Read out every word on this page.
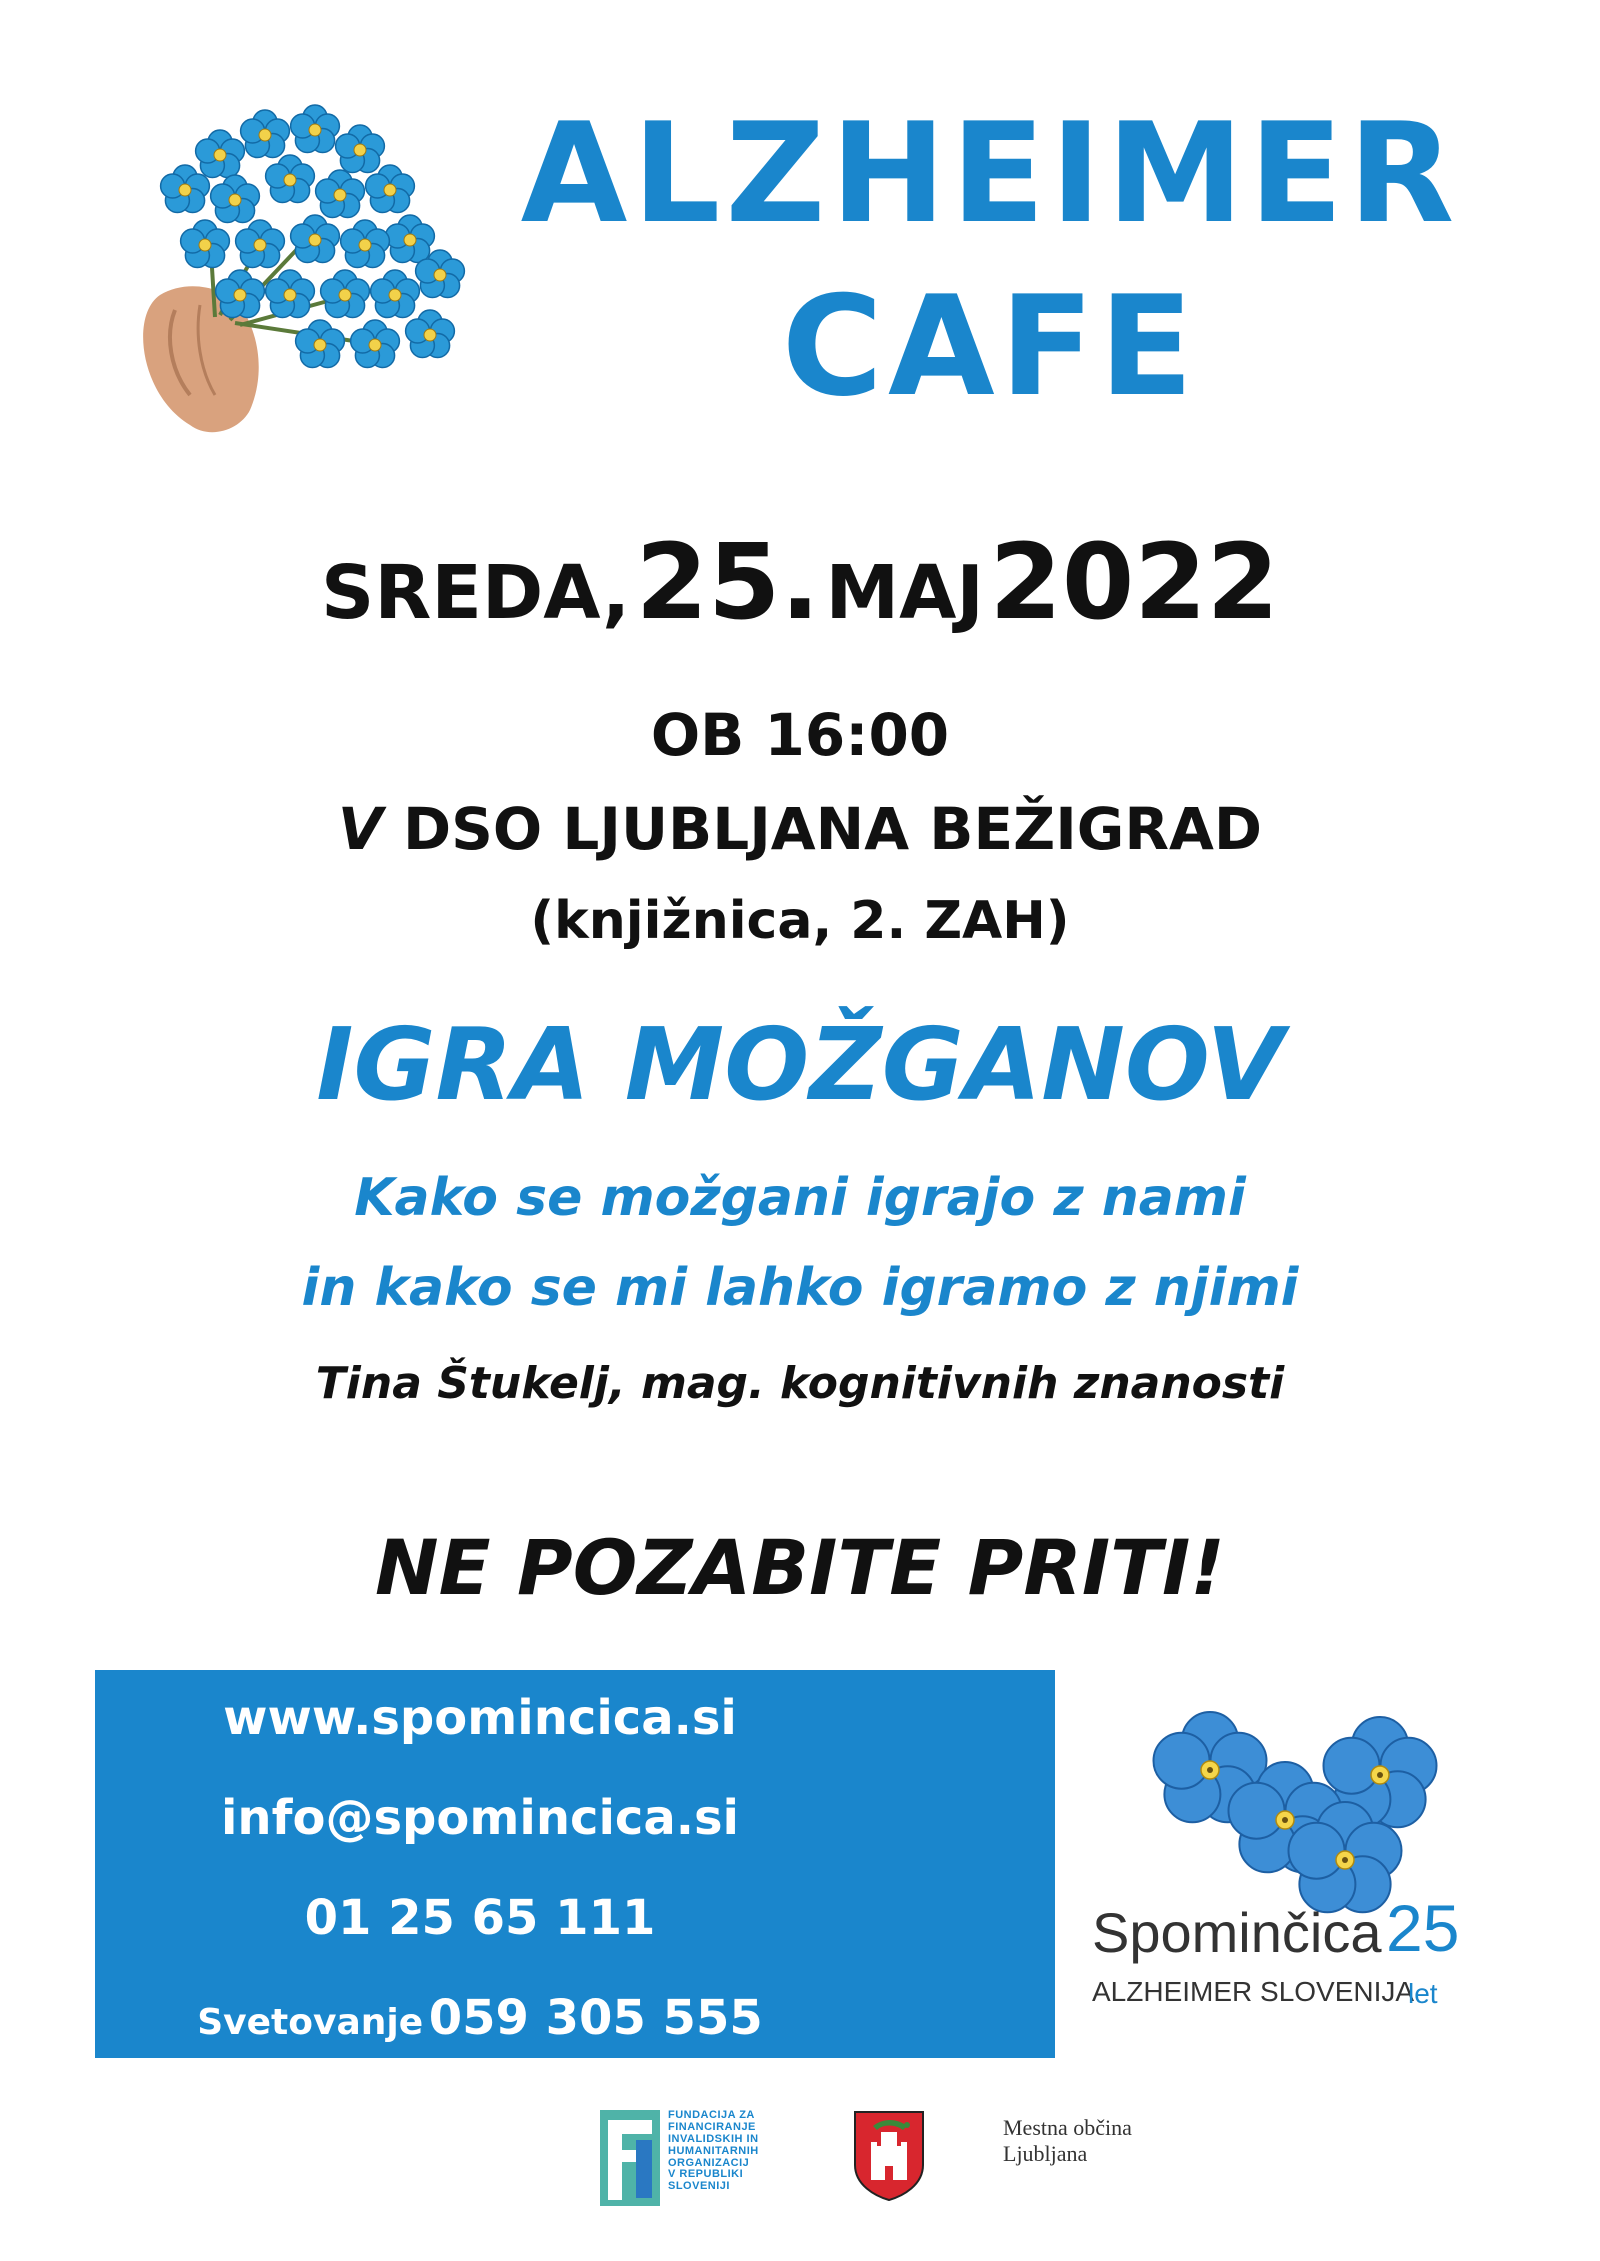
ALZHEIMER
CAFE
SREDA, 25. MAJ 2022
OB 16:00
V DSO LJUBLJANA BEŽIGRAD
(knjižnica, 2. ZAH)
IGRA MOŽGANOV
Kako se možgani igrajo z nami
in kako se mi lahko igramo z njimi
Tina Štukelj, mag. kognitivnih znanosti
NE POZABITE PRITI!
www.spomincica.si
info@spomincica.si
01 25 65 111
Svetovanje 059 305 555
Spominčica 25
ALZHEIMER SLOVENIJA
let
FUNDACIJA ZA
FINANCIRANJE
INVALIDSKIH IN
HUMANITARNIH
ORGANIZACIJ
V REPUBLIKI
SLOVENIJI
Mestna občina
Ljubljana
